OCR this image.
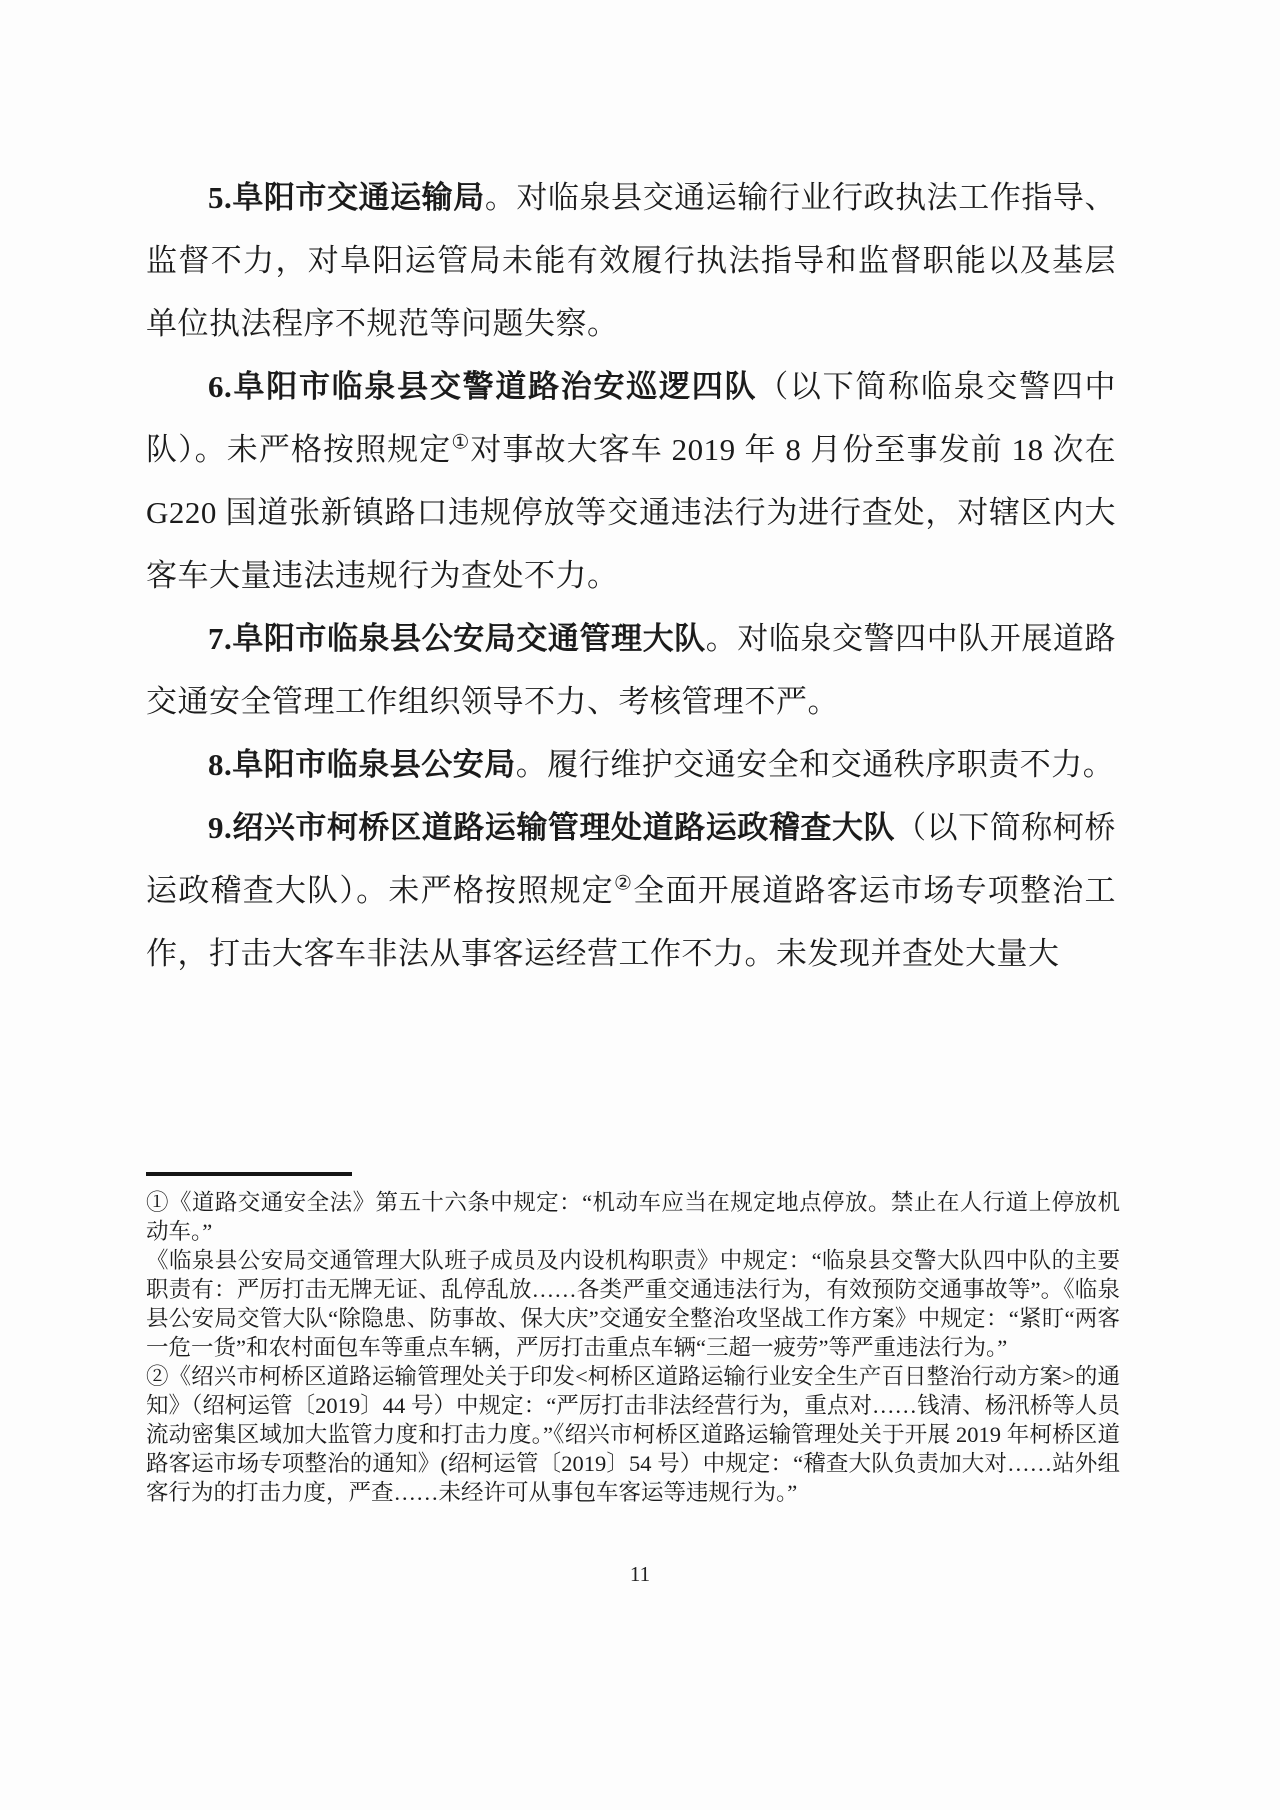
5.阜阳市交通运输局。对临泉县交通运输行业行政执法工作指导、监督不力，对阜阳运管局未能有效履行执法指导和监督职能以及基层单位执法程序不规范等问题失察。

6.阜阳市临泉县交警道路治安巡逻四队（以下简称临泉交警四中队）。未严格按照规定①对事故大客车 2019 年 8 月份至事发前 18 次在 G220 国道张新镇路口违规停放等交通违法行为进行查处，对辖区内大客车大量违法违规行为查处不力。

7.阜阳市临泉县公安局交通管理大队。对临泉交警四中队开展道路交通安全管理工作组织领导不力、考核管理不严。

8.阜阳市临泉县公安局。履行维护交通安全和交通秩序职责不力。

9.绍兴市柯桥区道路运输管理处道路运政稽查大队（以下简称柯桥运政稽查大队）。未严格按照规定②全面开展道路客运市场专项整治工作，打击大客车非法从事客运经营工作不力。未发现并查处大量大

①《道路交通安全法》第五十六条中规定：“机动车应当在规定地点停放。禁止在人行道上停放机动车。”

《临泉县公安局交通管理大队班子成员及内设机构职责》中规定：“临泉县交警大队四中队的主要职责有：严厉打击无牌无证、乱停乱放……各类严重交通违法行为，有效预防交通事故等”。《临泉县公安局交管大队“除隐患、防事故、保大庆”交通安全整治攻坚战工作方案》中规定：“紧盯“两客一危一货”和农村面包车等重点车辆，严厉打击重点车辆“三超一疲劳”等严重违法行为。”

②《绍兴市柯桥区道路运输管理处关于印发<柯桥区道路运输行业安全生产百日整治行动方案>的通知》（绍柯运管〔2019〕44 号）中规定：“严厉打击非法经营行为，重点对……钱清、杨汛桥等人员流动密集区域加大监管力度和打击力度。”《绍兴市柯桥区道路运输管理处关于开展 2019 年柯桥区道路客运市场专项整治的通知》(绍柯运管〔2019〕54 号）中规定：“稽查大队负责加大对……站外组客行为的打击力度，严查……未经许可从事包车客运等违规行为。”

11
